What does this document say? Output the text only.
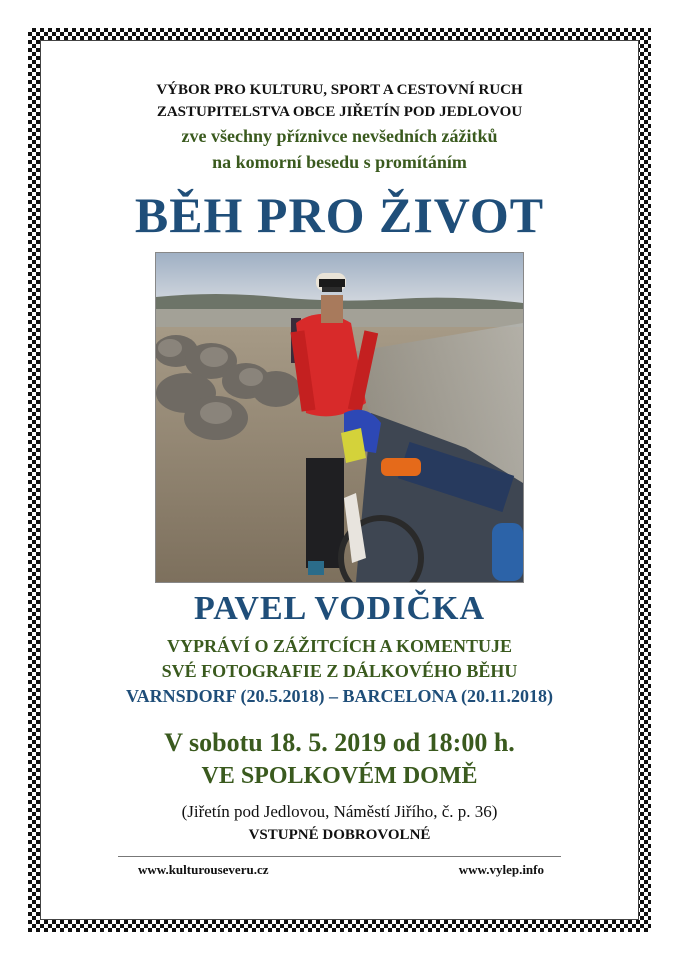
VÝBOR PRO KULTURU, SPORT A CESTOVNÍ RUCH
ZASTUPITELSTVA OBCE JIŘETÍN POD JEDLOVOU
zve všechny příznivce nevšedních zážitků
na komorní besedu s promítáním
BĚH PRO ŽIVOT
PAVEL VODIČKA
VYPRÁVÍ O ZÁŽITCÍCH A KOMENTUJE
SVÉ FOTOGRAFIE Z DÁLKOVÉHO BĚHU
VARNSDORF (20.5.2018) – BARCELONA (20.11.2018)
V sobotu 18. 5. 2019 od 18:00 h.
VE SPOLKOVÉM DOMĚ
(Jiřetín pod Jedlovou, Náměstí Jiřího, č. p. 36)
VSTUPNÉ DOBROVOLNÉ
www.kulturouseveru.cz	www.vylep.info
